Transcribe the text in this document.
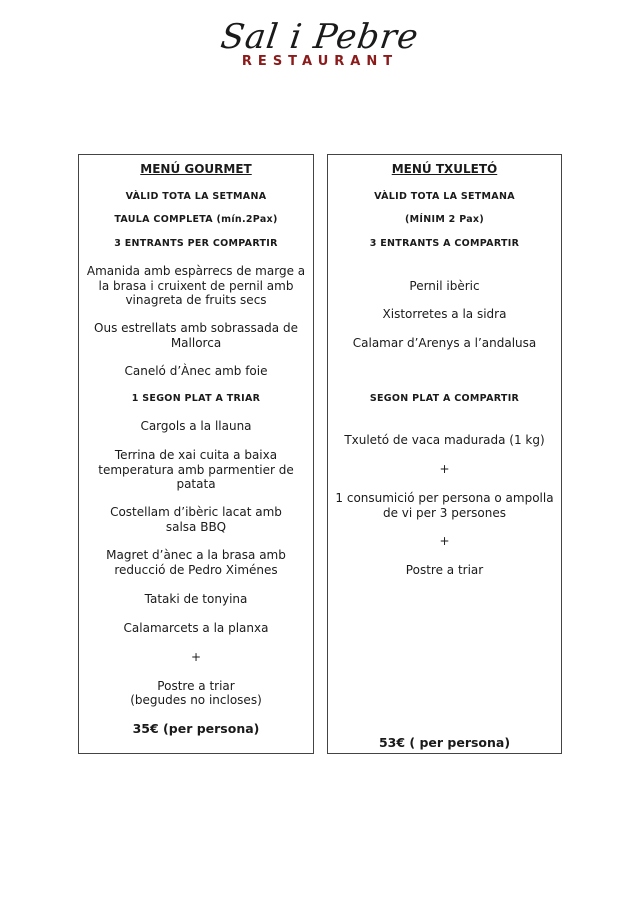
Sal i Pebre
RESTAURANT
MENÚ GOURMET
VÀLID TOTA LA SETMANA
TAULA COMPLETA (mín.2Pax)
3 ENTRANTS PER COMPARTIR
Amanida amb espàrrecs de marge a la brasa i cruixent de pernil amb vinagreta de fruits secs
Ous estrellats amb sobrassada de Mallorca
Caneló d’Ànec amb foie
1 SEGON PLAT A TRIAR
Cargols a la llauna
Terrina de xai cuita a baixa temperatura amb parmentier de patata
Costellam d’ibèric lacat amb salsa BBQ
Magret d’ànec a la brasa amb reducció de Pedro Ximénes
Tataki de tonyina
Calamarcets a la planxa
+
Postre a triar
(begudes no incloses)
35€ (per persona)
MENÚ TXULETÓ
VÀLID TOTA LA SETMANA
(MÍNIM 2 Pax)
3 ENTRANTS A COMPARTIR
Pernil ibèric
Xistorretes a la sidra
Calamar d’Arenys a l’andalusa
SEGON PLAT A COMPARTIR
Txuletó de vaca madurada (1 kg)
+
1 consumició per persona o ampolla de vi per 3 persones
+
Postre a triar
53€ ( per persona)
